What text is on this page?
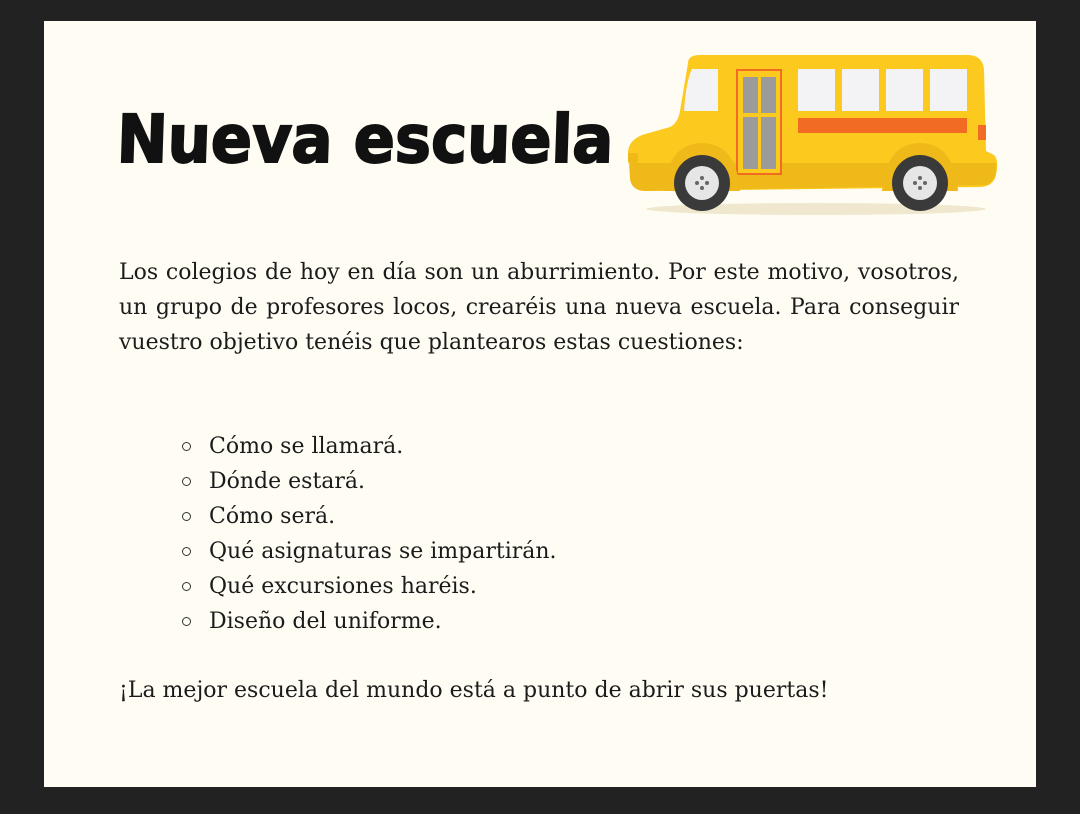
Nueva escuela

Los colegios de hoy en día son un aburrimiento. Por este motivo, vosotros, un grupo de profesores locos, crearéis una nueva escuela. Para conseguir vuestro objetivo tenéis que plantearos estas cuestiones:

Cómo se llamará.
Dónde estará.
Cómo será.
Qué asignaturas se impartirán.
Qué excursiones haréis.
Diseño del uniforme.

¡La mejor escuela del mundo está a punto de abrir sus puertas!
